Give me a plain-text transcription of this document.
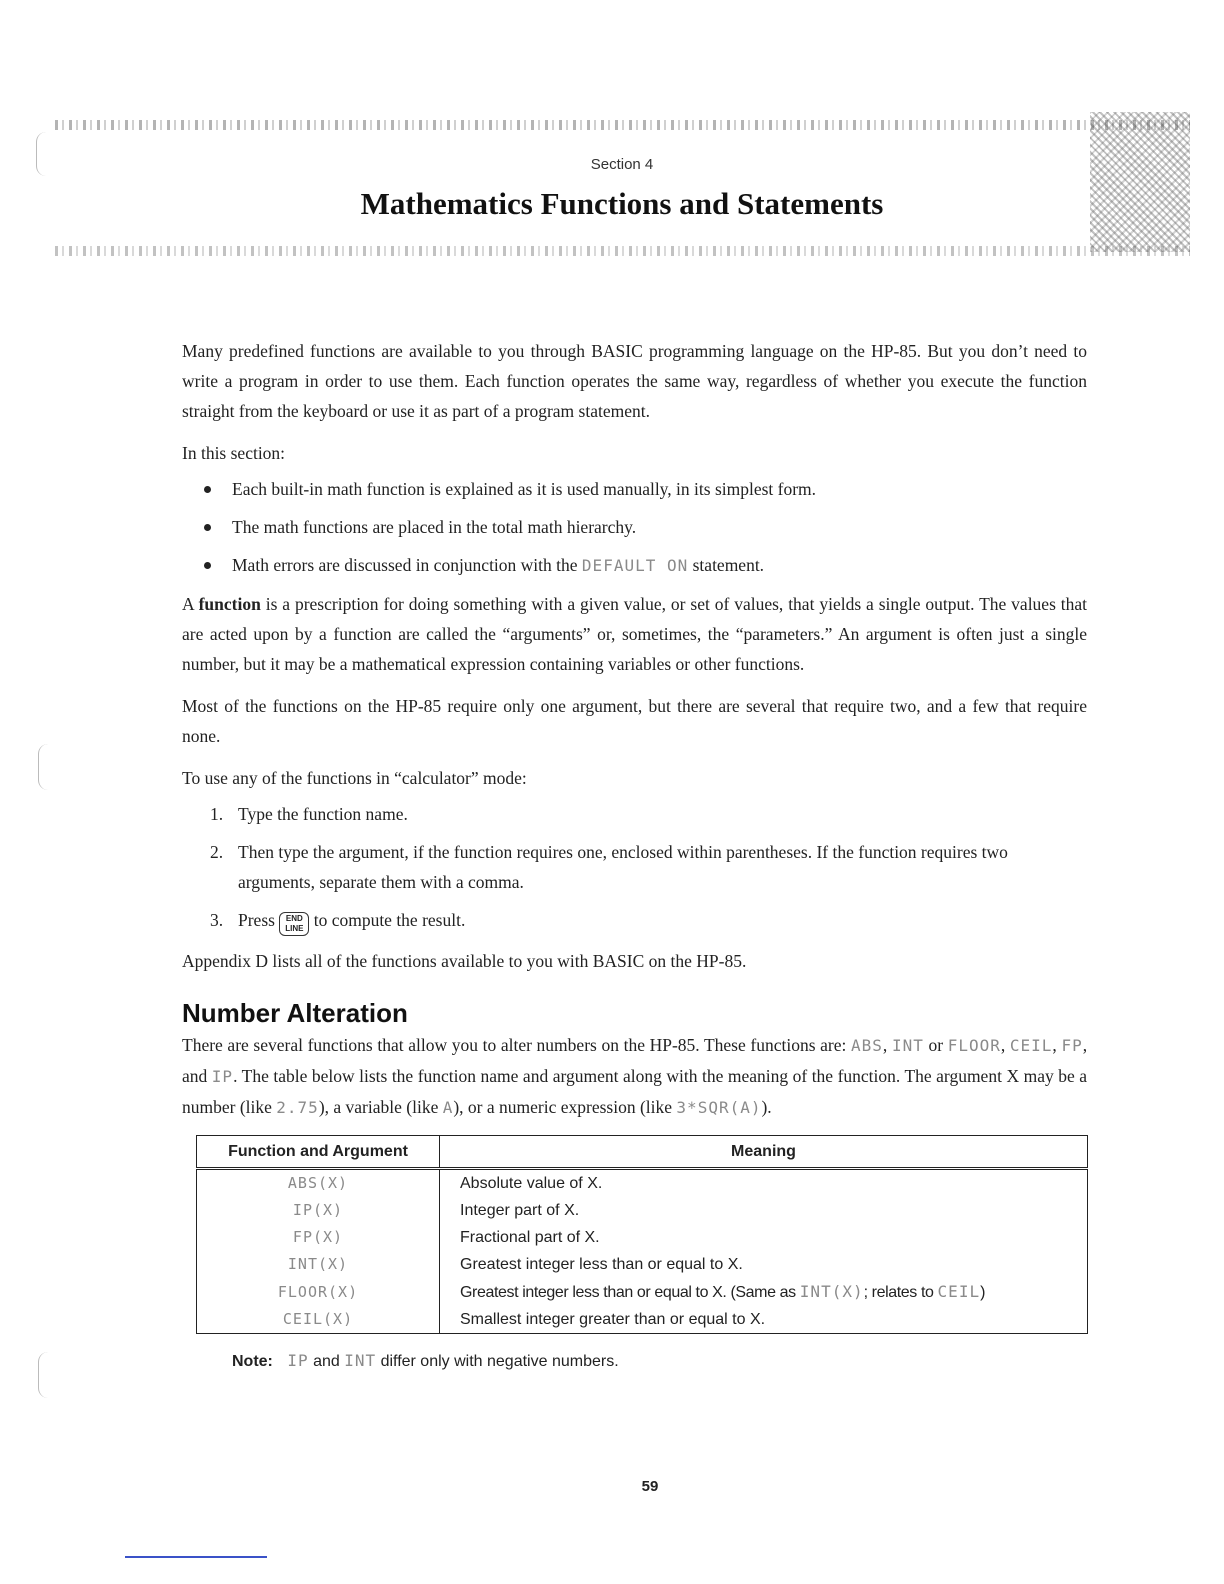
Section 4
Mathematics Functions and Statements

Many predefined functions are available to you through BASIC programming language on the HP-85. But you don’t need to write a program in order to use them. Each function operates the same way, regardless of whether you execute the function straight from the keyboard or use it as part of a program statement.

In this section:

Each built-in math function is explained as it is used manually, in its simplest form.
The math functions are placed in the total math hierarchy.
Math errors are discussed in conjunction with the DEFAULT ON statement.

A function is a prescription for doing something with a given value, or set of values, that yields a single output. The values that are acted upon by a function are called the “arguments” or, sometimes, the “parameters.” An argument is often just a single number, but it may be a mathematical expression containing variables or other functions.

Most of the functions on the HP-85 require only one argument, but there are several that require two, and a few that require none.

To use any of the functions in “calculator” mode:

1. Type the function name.
2. Then type the argument, if the function requires one, enclosed within parentheses. If the function requires two arguments, separate them with a comma.
3. Press	END
LINE to compute the result.

Appendix D lists all of the functions available to you with BASIC on the HP-85.

Number Alteration

There are several functions that allow you to alter numbers on the HP-85. These functions are: ABS, INT or FLOOR, CEIL, FP, and IP. The table below lists the function name and argument along with the meaning of the function. The argument X may be a number (like 2.75), a variable (like A), or a numeric expression (like 3*SQR(A)).

Function and Argument	Meaning
ABS(X)	Absolute value of X.
IP(X)	Integer part of X.
FP(X)	Fractional part of X.
INT(X)	Greatest integer less than or equal to X.
FLOOR(X)	Greatest integer less than or equal to X. (Same as INT(X); relates to CEIL)
CEIL(X)	Smallest integer greater than or equal to X.
Note: IP and INT differ only with negative numbers.
59
